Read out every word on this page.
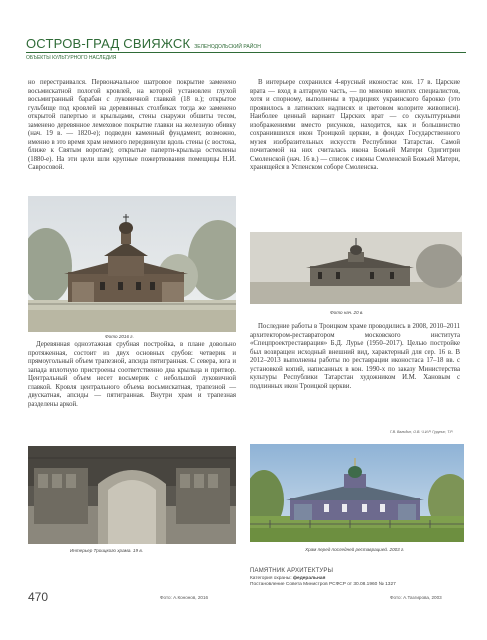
ОСТРОВ-ГРАД СВИЯЖСК ЗЕЛЕНОДОЛЬСКИЙ РАЙОН
ОБЪЕКТЫ КУЛЬТУРНОГО НАСЛЕДИЯ

но перестраивался. Первоначальное шатровое покрытие заменено восьмискатной пологой кровлей, на которой установлен глухой восьмигранный барабан с луковичной главкой (18 в.); открытое гульбище под кровлей на деревянных столбиках тогда же заменено открытой папертью и крыльцами, стены снаружи обшиты тесом, заменено деревянное лемеховое покрытие главки на железную обивку (нач. 19 в. — 1820-е); подведен каменный фундамент, возможно, именно в это время храм немного передвинули вдоль стены (с востока, ближе к Святым воротам); открытые паперти-крыльца остеклены (1880-е). На эти цели шли крупные пожертвования помещицы Н.И. Савросовой.

В интерьере сохранился 4-ярусный иконостас кон. 17 в. Царские врата — вход в алтарную часть, — по мнению многих специалистов, хотя и спорному, выполнены в традициях украинского барокко (это проявилось в латинских надписях и цветовом колорите живописи). Наиболее ценный вариант Царских врат — со скульптурными изображениями вместо рисунков, находится, как и большинство сохранившихся икон Троицкой церкви, в фондах Государственного музея изобразительных искусств Республики Татарстан. Самой почитаемой на них считалась икона Божьей Матери Одигитрии Смоленской (нач. 16 в.) — список с иконы Смоленской Божьей Матери, хранящейся в Успенском соборе Смоленска.

Фото 2016 г.
Фото нач. 20 в.

Деревянная одноэтажная срубная постройка, в плане довольно протяженная, состоит из двух основных срубов: четверик и прямоугольный объем трапезной, апсида пятигранная. С севера, юга и запада вплотную пристроены соответственно два крыльца и притвор. Центральный объем несет восьмерик с небольшой луковичной главкой. Кровля центрального объема восьмискатная, трапезной — двускатная, апсиды — пятигранная. Внутри храм и трапезная разделены аркой.

Последние работы в Троицком храме проводились в 2008, 2010–2011 архитектором-реставратором московского института «Спецпроектреставрация» Б.Д. Лурье (1950–2017). Целью постройке был возвращен исходный внешний вид, характерный для сер. 16 в. В 2012–2013 выполнены работы по реставрации иконостаса 17–18 вв. с установкой копий, написанных в кон. 1990-х по заказу Министерства культуры Республики Татарстан художником И.М. Хановым с подлинных икон Троицкой церкви.

Г.В. Вальдин, О.В. Ч.И.Р. Гурунис, Т.Р.
Интерьер Троицкого храма. 19 в.	Храм перед последней реставрацией. 2003 г.
ПАМЯТНИК АРХИТЕКТУРЫ
Категория охраны: федеральная
Постановление Совета Министров РСФСР от 30.08.1960 № 1327
470	Фото: А.Кононов, 2016	Фото: А.Тазгирова, 2003
